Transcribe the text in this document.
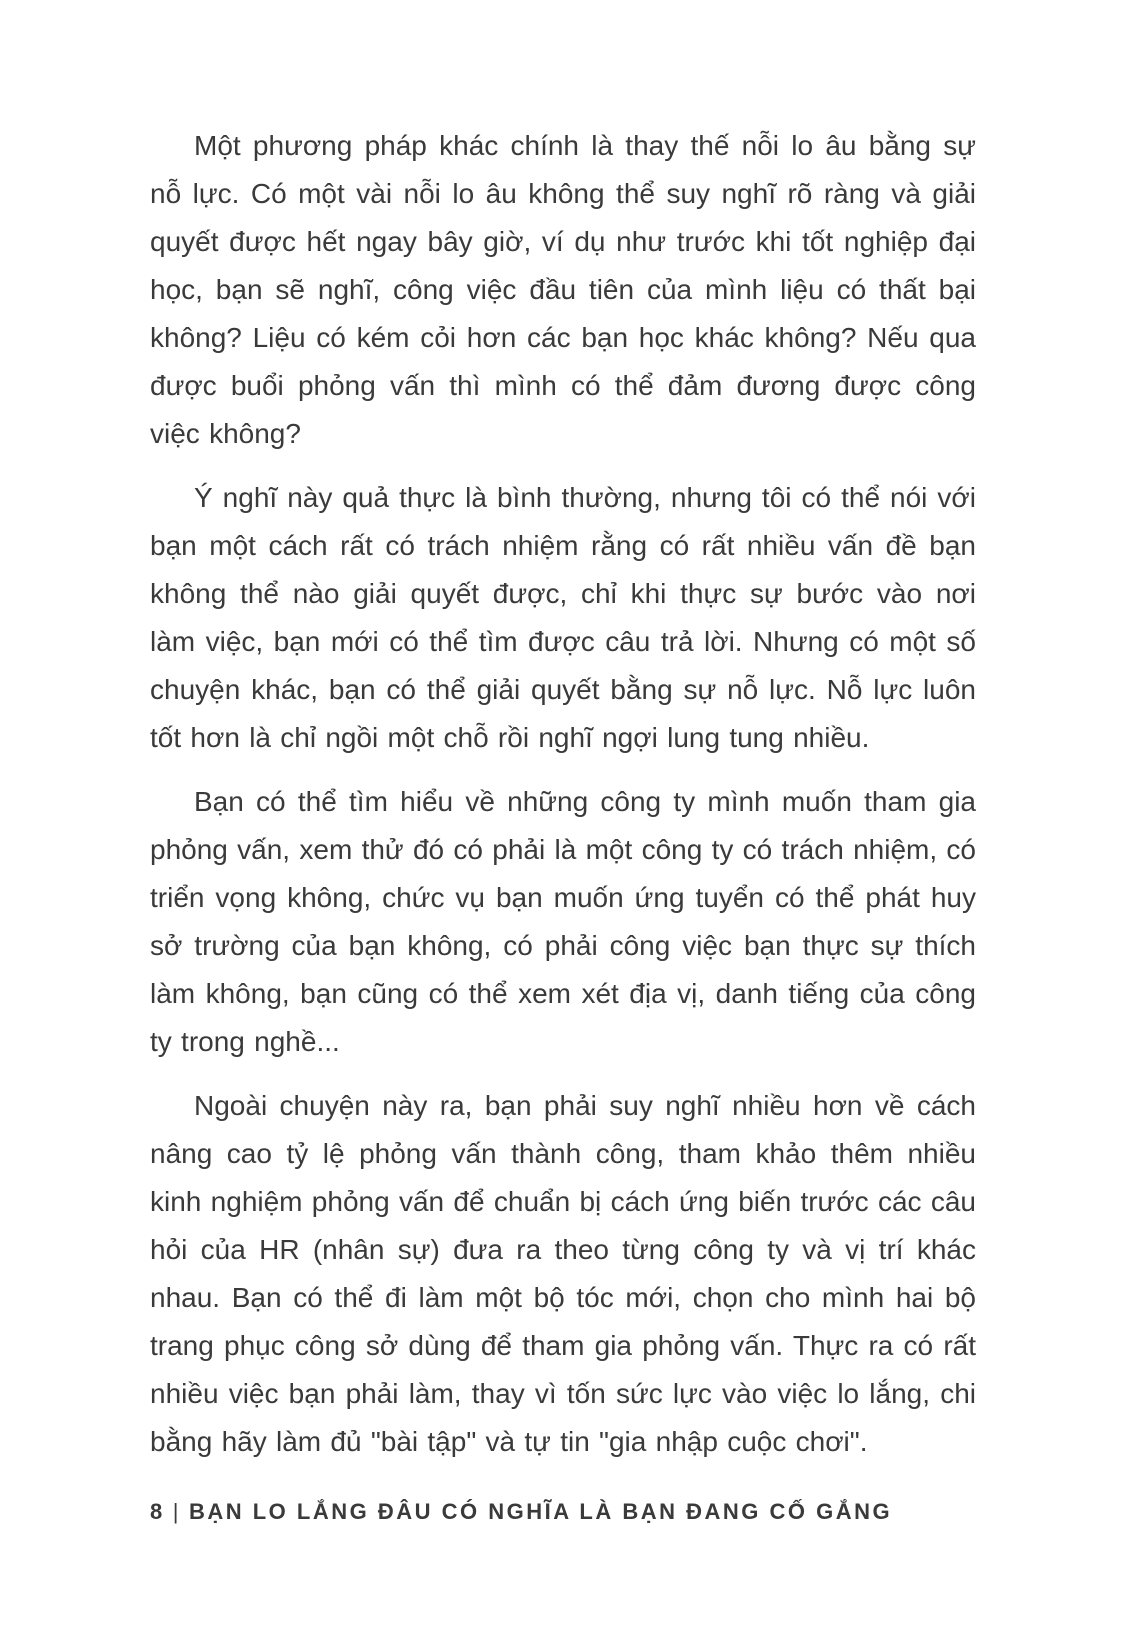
Một phương pháp khác chính là thay thế nỗi lo âu bằng sự nỗ lực. Có một vài nỗi lo âu không thể suy nghĩ rõ ràng và giải quyết được hết ngay bây giờ, ví dụ như trước khi tốt nghiệp đại học, bạn sẽ nghĩ, công việc đầu tiên của mình liệu có thất bại không? Liệu có kém cỏi hơn các bạn học khác không? Nếu qua được buổi phỏng vấn thì mình có thể đảm đương được công việc không?

Ý nghĩ này quả thực là bình thường, nhưng tôi có thể nói với bạn một cách rất có trách nhiệm rằng có rất nhiều vấn đề bạn không thể nào giải quyết được, chỉ khi thực sự bước vào nơi làm việc, bạn mới có thể tìm được câu trả lời. Nhưng có một số chuyện khác, bạn có thể giải quyết bằng sự nỗ lực. Nỗ lực luôn tốt hơn là chỉ ngồi một chỗ rồi nghĩ ngợi lung tung nhiều.

Bạn có thể tìm hiểu về những công ty mình muốn tham gia phỏng vấn, xem thử đó có phải là một công ty có trách nhiệm, có triển vọng không, chức vụ bạn muốn ứng tuyển có thể phát huy sở trường của bạn không, có phải công việc bạn thực sự thích làm không, bạn cũng có thể xem xét địa vị, danh tiếng của công ty trong nghề...

Ngoài chuyện này ra, bạn phải suy nghĩ nhiều hơn về cách nâng cao tỷ lệ phỏng vấn thành công, tham khảo thêm nhiều kinh nghiệm phỏng vấn để chuẩn bị cách ứng biến trước các câu hỏi của HR (nhân sự) đưa ra theo từng công ty và vị trí khác nhau. Bạn có thể đi làm một bộ tóc mới, chọn cho mình hai bộ trang phục công sở dùng để tham gia phỏng vấn. Thực ra có rất nhiều việc bạn phải làm, thay vì tốn sức lực vào việc lo lắng, chi bằng hãy làm đủ "bài tập" và tự tin "gia nhập cuộc chơi".

8 | BẠN LO LẮNG ĐÂU CÓ NGHĨA LÀ BẠN ĐANG CỐ GẮNG
